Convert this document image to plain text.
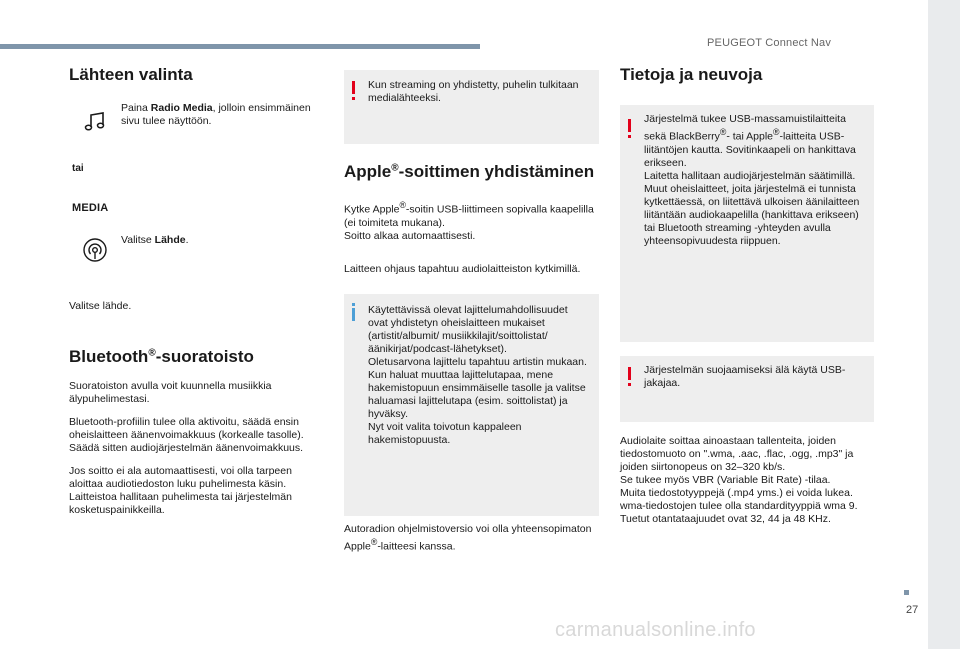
PEUGEOT Connect Nav
27
carmanualsonline.info
Lähteen valinta

Paina Radio Media, jolloin ensimmäinen sivu tulee näyttöön.

tai
MEDIA

Valitse Lähde.

Valitse lähde.

Bluetooth®-suoratoisto

Suoratoiston avulla voit kuunnella musiikkia älypuhelimestasi.

Bluetooth-profiilin tulee olla aktivoitu, säädä ensin oheislaitteen äänenvoimakkuus (korkealle tasolle).

Säädä sitten audiojärjestelmän äänenvoimakkuus.

Jos soitto ei ala automaattisesti, voi olla tarpeen aloittaa audiotiedoston luku puhelimesta käsin.

Laitteistoa hallitaan puhelimesta tai järjestelmän kosketuspainikkeilla.

Kun streaming on yhdistetty, puhelin tulkitaan medialähteeksi.

Apple®-soittimen yhdistäminen

Kytke Apple®-soitin USB-liittimeen sopivalla kaapelilla (ei toimiteta mukana).

Soitto alkaa automaattisesti.

Laitteen ohjaus tapahtuu audiolaitteiston kytkimillä.

Käytettävissä olevat lajittelumahdollisuudet ovat yhdistetyn oheislaitteen mukaiset (artistit/albumit/ musiikkilajit/soittolistat/äänikirjat/podcast-lähetykset).

Oletusarvona lajittelu tapahtuu artistin mukaan. Kun haluat muuttaa lajittelutapaa, mene hakemistopuun ensimmäiselle tasolle ja valitse haluamasi lajittelutapa (esim. soittolistat) ja hyväksy.

Nyt voit valita toivotun kappaleen hakemistopuusta.

Autoradion ohjelmistoversio voi olla yhteensopimaton Apple®-laitteesi kanssa.

Tietoja ja neuvoja

Järjestelmä tukee USB-massamuistilaitteita sekä BlackBerry®- tai Apple®-laitteita USB-liitäntöjen kautta. Sovitinkaapeli on hankittava erikseen.

Laitetta hallitaan audiojärjestelmän säätimillä.

Muut oheislaitteet, joita järjestelmä ei tunnista kytkettäessä, on liitettävä ulkoisen äänilaitteen liitäntään audiokaapelilla (hankittava erikseen) tai Bluetooth streaming -yhteyden avulla yhteensopivuudesta riippuen.

Järjestelmän suojaamiseksi älä käytä USB-jakajaa.

Audiolaite soittaa ainoastaan tallenteita, joiden tiedostomuoto on ".wma, .aac, .flac, .ogg, .mp3" ja joiden siirtonopeus on 32–320 kb/s.

Se tukee myös VBR (Variable Bit Rate) -tilaa.

Muita tiedostotyyppejä (.mp4 yms.) ei voida lukea.

wma-tiedostojen tulee olla standardityyppiä wma 9.

Tuetut otantataajuudet ovat 32, 44 ja 48 KHz.
